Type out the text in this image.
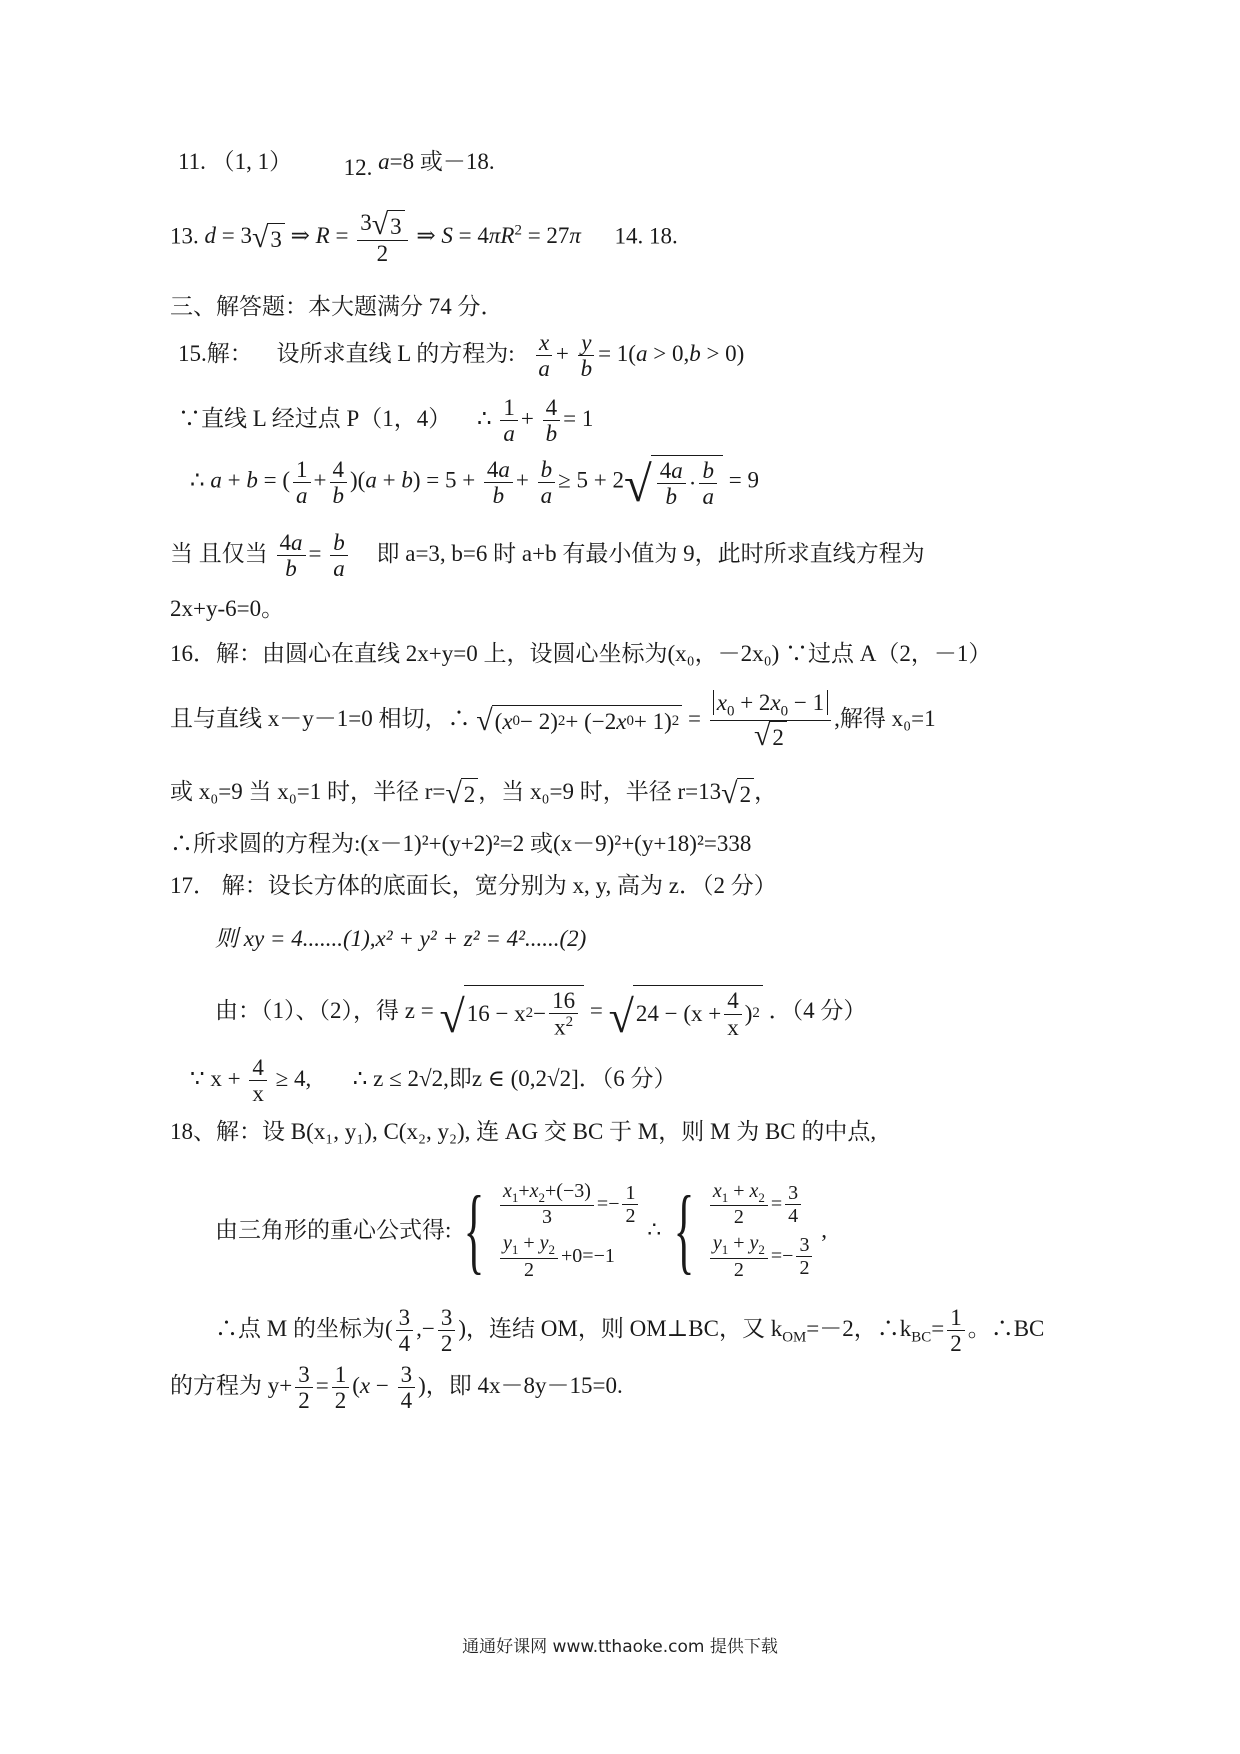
11. （1, 1） 12. a=8 或－18.
13. d = 3 √ 3 ⇒ $R = \frac{3 √ 3}{2}$ ⇒ $S = 4\pi R^2 = 27\pi$ 14. 18.
三、解答题：本大题满分 74 分．
15.解： 设所求直线 L 的方程为: $\frac{x}{a} + \frac{y}{b} = 1(a > 0,b > 0)$
∵直线 L 经过点 P（1，4） ∴ $\frac{1}{a} + \frac{4}{b} = 1$
∴ a + b = ( $\frac{1}{a} + \frac{4}{b} )(a + b) = 5 + \frac{4a}{b} + \frac{b}{a} \ge 5 + 2$ √ $\frac{4a}{b} \cdot \frac{b}{a} = 9$
当 且仅当 $\frac{4a}{b} = \frac{b}{a}$ 即 a=3, b=6 时 a+b 有最小值为 9，此时所求直线方程为
2x+y-6=0。
16．解：由圆心在直线 2x+y=0 上，设圆心坐标为(x₀，－2x₀) ∵过点 A（2，－1）
且与直线 x－y－1=0 相切，∴ √ ( x 0 − 2) 2 + (−2 x 0 + 1) $2 = \frac{x_0 + 2x_0 - 1}{√ 2}$ ,解得 x₀=1
或 x₀=9 当 x₀=1 时，半径 r= √ 2 ，当 x₀=9 时，半径 r=13 √ 2 ，
∴所求圆的方程为:(x－1)²+(y+2)²=2 或(x－9)²+(y+18)²=338
17． 解：设长方体的底面长，宽分别为 x, y, 高为 z．（2 分）
则 xy = 4.......(1),x² + y² + z² = 4²......(2)
由：（1）、（2），得 z = √ 16 − x $2 - \frac{16}{x^2}$ = √ $24 - (x + \frac{4}{x}$ ) 2 ．（4 分）
∵ $x + \frac{4}{x} \ge 4$,  ∴ z ≤ 2√2,即z ∈ (0,2√2]．（6 分）
18、解：设 B(x₁, y₁), C(x₂, y₂), 连 AG 交 BC 于 M，则 M 为 BC 的中点,
由三角形的重心公式得: { $\frac{x_1+x_2+(-3)}{3} =- \frac{1}{2}$
$\frac{y_1 + y_2}{2} +0=-1$
∴ { $\frac{x_1 + x_2}{2} = \frac{3}{4}$
$\frac{y_1 + y_2}{2} =- \frac{3}{2}$
,
∴点 M 的坐标为( $\frac{3}{4}$ ,− $\frac{3}{2}$ )，连结 OM，则 OM⊥BC，又 $k_{OM}=-2$，$\therefore k_{BC}= \frac{1}{2}$ 。∴BC
的方程为 $y+ \frac{3}{2} = \frac{1}{2} (x - \frac{3}{4}$ )，即 4x－8y－15=0.
通通好课网 www.tthaoke.com 提供下载
